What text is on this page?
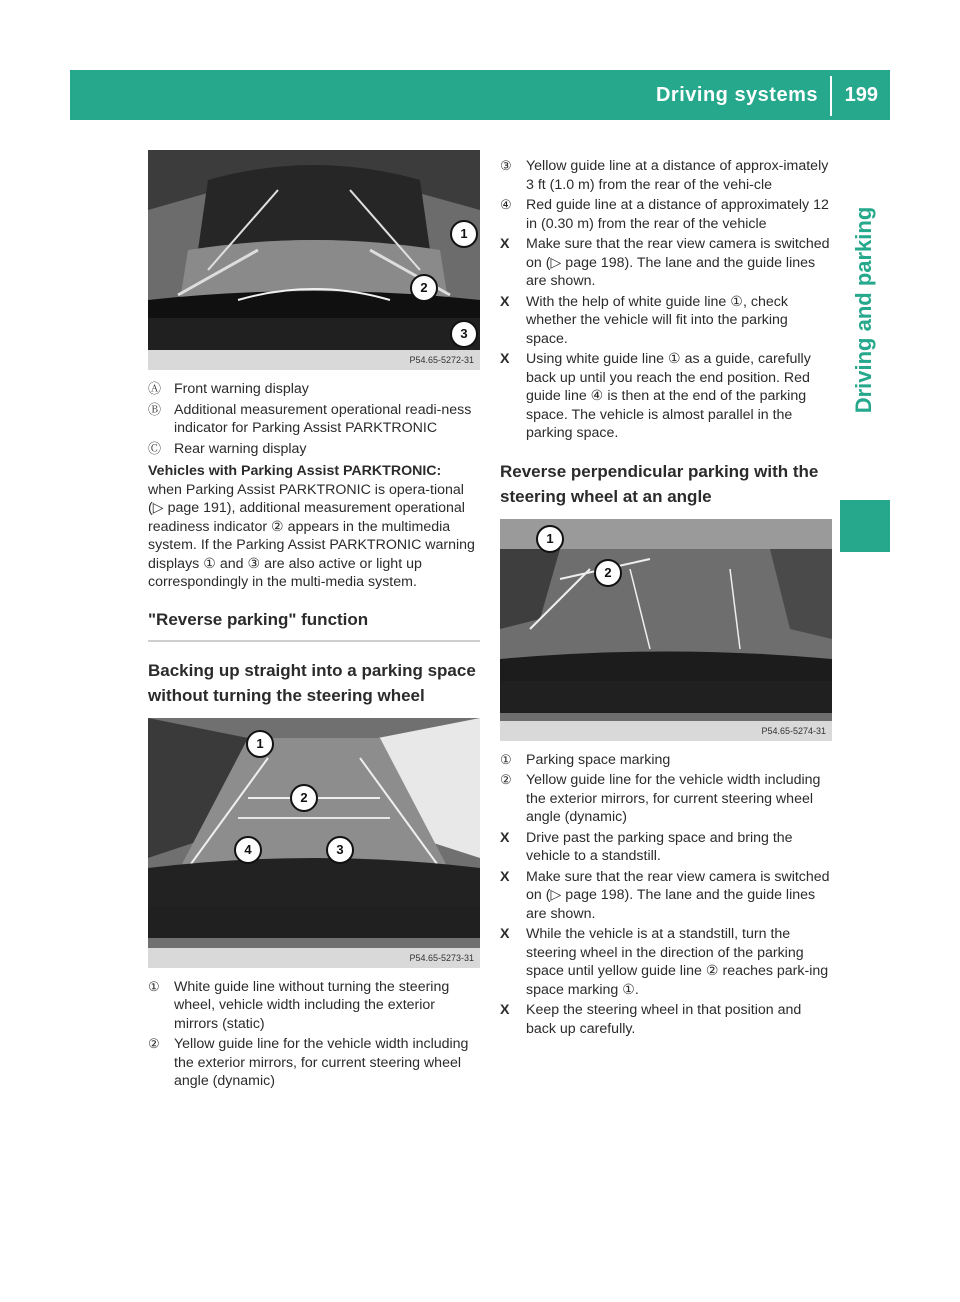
Driving systems 199
Driving and parking
1
2
3
P54.65-5272-31
Ⓐ Front warning display
Ⓑ Additional measurement operational readi-ness indicator for Parking Assist PARKTRONIC
Ⓒ Rear warning display
Vehicles with Parking Assist PARKTRONIC:
when Parking Assist PARKTRONIC is opera-tional (▷ page 191), additional measurement operational readiness indicator ② appears in the multimedia system. If the Parking Assist PARKTRONIC warning displays ① and ③ are also active or light up correspondingly in the multi-media system.
"Reverse parking" function
Backing up straight into a parking space without turning the steering wheel
1
2
3
4
P54.65-5273-31
①	White guide line without turning the steering wheel, vehicle width including the exterior mirrors (static)
②	Yellow guide line for the vehicle width including the exterior mirrors, for current steering wheel angle (dynamic)
③	Yellow guide line at a distance of approx-imately 3 ft (1.0 m) from the rear of the vehi-cle
④	Red guide line at a distance of approximately 12 in (0.30 m) from the rear of the vehicle
X	Make sure that the rear view camera is switched on (▷ page 198). The lane and the guide lines are shown.
X	With the help of white guide line ①, check whether the vehicle will fit into the parking space.
X	Using white guide line ① as a guide, carefully back up until you reach the end position. Red guide line ④ is then at the end of the parking space. The vehicle is almost parallel in the parking space.
Reverse perpendicular parking with the steering wheel at an angle
1
2
P54.65-5274-31
①	Parking space marking
②	Yellow guide line for the vehicle width including the exterior mirrors, for current steering wheel angle (dynamic)
X	Drive past the parking space and bring the vehicle to a standstill.
X	Make sure that the rear view camera is switched on (▷ page 198). The lane and the guide lines are shown.
X	While the vehicle is at a standstill, turn the steering wheel in the direction of the parking space until yellow guide line ② reaches park-ing space marking ①.
X	Keep the steering wheel in that position and back up carefully.
